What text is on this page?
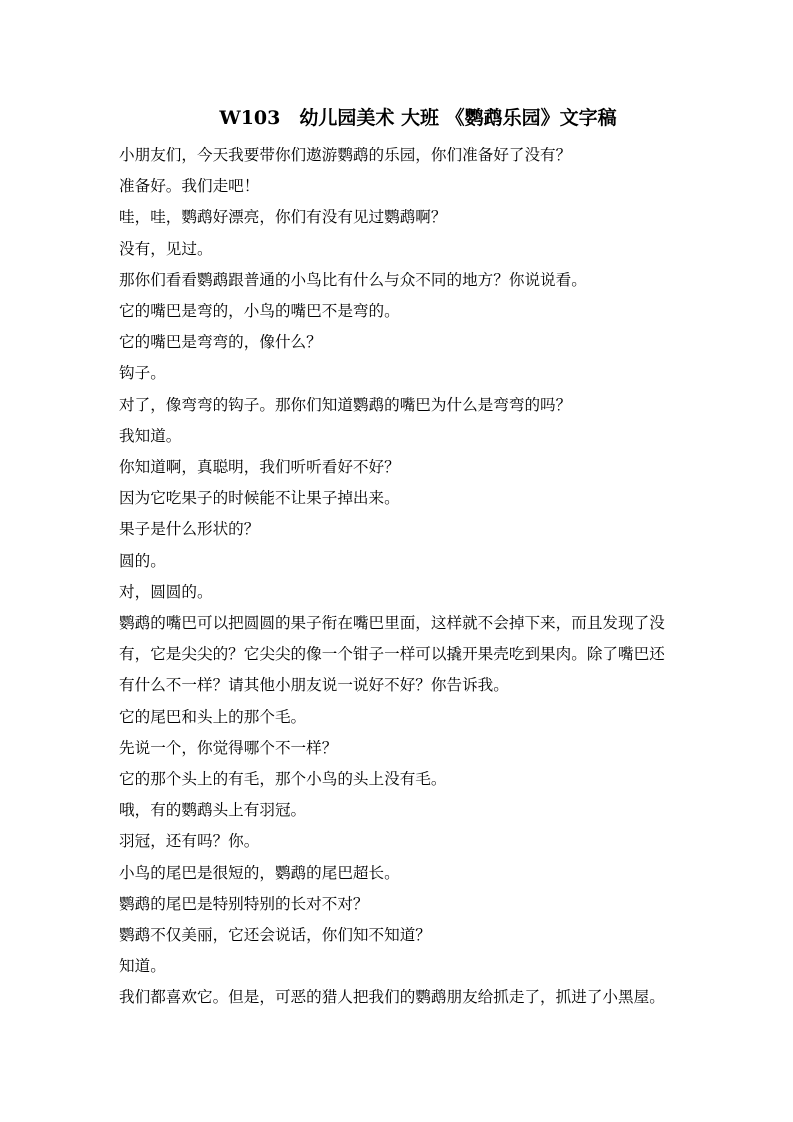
W103　幼儿园美术 大班 《鹦鹉乐园》文字稿

小朋友们，今天我要带你们遨游鹦鹉的乐园，你们准备好了没有？

准备好。我们走吧！

哇，哇，鹦鹉好漂亮，你们有没有见过鹦鹉啊？

没有，见过。

那你们看看鹦鹉跟普通的小鸟比有什么与众不同的地方？你说说看。

它的嘴巴是弯的，小鸟的嘴巴不是弯的。

它的嘴巴是弯弯的，像什么？

钩子。

对了，像弯弯的钩子。那你们知道鹦鹉的嘴巴为什么是弯弯的吗？

我知道。

你知道啊，真聪明，我们听听看好不好？

因为它吃果子的时候能不让果子掉出来。

果子是什么形状的？

圆的。

对，圆圆的。

鹦鹉的嘴巴可以把圆圆的果子衔在嘴巴里面，这样就不会掉下来，而且发现了没有，它是尖尖的？它尖尖的像一个钳子一样可以撬开果壳吃到果肉。除了嘴巴还有什么不一样？请其他小朋友说一说好不好？你告诉我。

它的尾巴和头上的那个毛。

先说一个，你觉得哪个不一样？

它的那个头上的有毛，那个小鸟的头上没有毛。

哦，有的鹦鹉头上有羽冠。

羽冠，还有吗？你。

小鸟的尾巴是很短的，鹦鹉的尾巴超长。

鹦鹉的尾巴是特别特别的长对不对？

鹦鹉不仅美丽，它还会说话，你们知不知道？

知道。

我们都喜欢它。但是，可恶的猎人把我们的鹦鹉朋友给抓走了，抓进了小黑屋。
